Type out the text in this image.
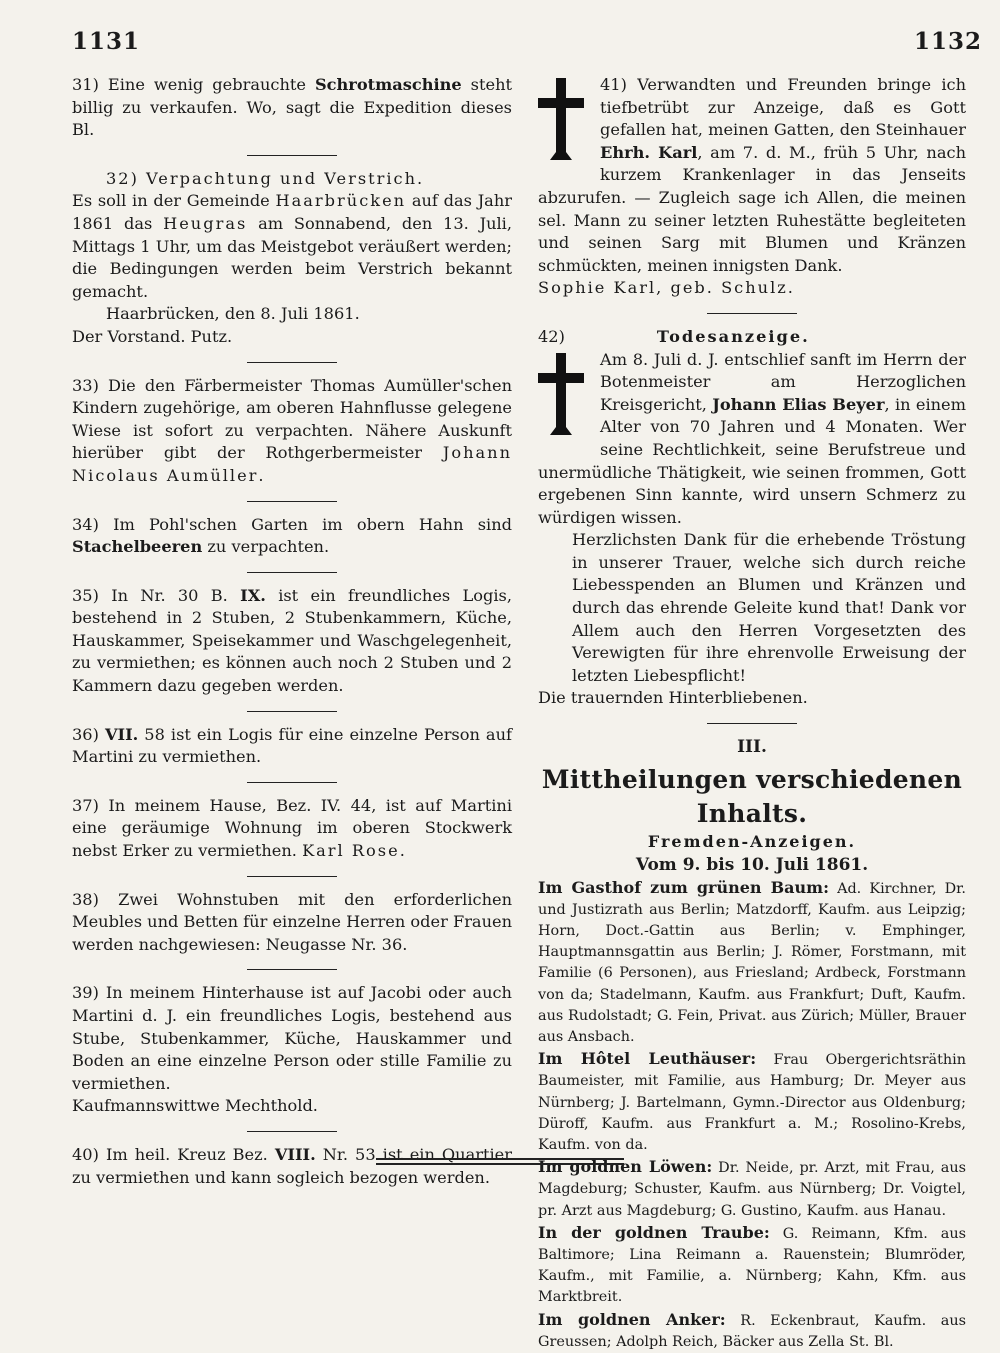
1131	1132

31) Eine wenig gebrauchte Schrotmaschine steht billig zu verkaufen. Wo, sagt die Expedition dieses Bl.

32) Verpachtung und Verstrich.

Es soll in der Gemeinde Haarbrücken auf das Jahr 1861 das Heugras am Sonnabend, den 13. Juli, Mittags 1 Uhr, um das Meistgebot veräußert werden; die Bedingungen werden beim Verstrich bekannt gemacht.

Haarbrücken, den 8. Juli 1861.

Der Vorstand. Putz.

33) Die den Färbermeister Thomas Aumüller'schen Kindern zugehörige, am oberen Hahnflusse gelegene Wiese ist sofort zu verpachten. Nähere Auskunft hierüber gibt der Rothgerbermeister Johann Nicolaus Aumüller.

34) Im Pohl'schen Garten im obern Hahn sind Stachelbeeren zu verpachten.

35) In Nr. 30 B. IX. ist ein freundliches Logis, bestehend in 2 Stuben, 2 Stubenkammern, Küche, Hauskammer, Speisekammer und Waschgelegenheit, zu vermiethen; es können auch noch 2 Stuben und 2 Kammern dazu gegeben werden.

36) VII. 58 ist ein Logis für eine einzelne Person auf Martini zu vermiethen.

37) In meinem Hause, Bez. IV. 44, ist auf Martini eine geräumige Wohnung im oberen Stockwerk nebst Erker zu vermiethen. Karl Rose.

38) Zwei Wohnstuben mit den erforderlichen Meubles und Betten für einzelne Herren oder Frauen werden nachgewiesen: Neugasse Nr. 36.

39) In meinem Hinterhause ist auf Jacobi oder auch Martini d. J. ein freundliches Logis, bestehend aus Stube, Stubenkammer, Küche, Hauskammer und Boden an eine einzelne Person oder stille Familie zu vermiethen.

Kaufmannswittwe Mechthold.

40) Im heil. Kreuz Bez. VIII. Nr. 53 ist ein Quartier zu vermiethen und kann sogleich bezogen werden.

41) Verwandten und Freunden bringe ich tiefbetrübt zur Anzeige, daß es Gott gefallen hat, meinen Gatten, den Steinhauer Ehrh. Karl, am 7. d. M., früh 5 Uhr, nach kurzem Krankenlager in das Jenseits abzurufen. — Zugleich sage ich Allen, die meinen sel. Mann zu seiner letzten Ruhestätte begleiteten und seinen Sarg mit Blumen und Kränzen schmückten, meinen innigsten Dank.

Sophie Karl, geb. Schulz.

42)	Todesanzeige.

Am 8. Juli d. J. entschlief sanft im Herrn der Botenmeister am Herzoglichen Kreisgericht, Johann Elias Beyer, in einem Alter von 70 Jahren und 4 Monaten. Wer seine Rechtlichkeit, seine Berufstreue und unermüdliche Thätigkeit, wie seinen frommen, Gott ergebenen Sinn kannte, wird unsern Schmerz zu würdigen wissen.

Herzlichsten Dank für die erhebende Tröstung in unserer Trauer, welche sich durch reiche Liebesspenden an Blumen und Kränzen und durch das ehrende Geleite kund that! Dank vor Allem auch den Herren Vorgesetzten des Verewigten für ihre ehrenvolle Erweisung der letzten Liebespflicht!

Die trauernden Hinterbliebenen.

III.
Mittheilungen verschiedenen Inhalts.
Fremden-Anzeigen.
Vom 9. bis 10. Juli 1861.

Im Gasthof zum grünen Baum: Ad. Kirchner, Dr. und Justizrath aus Berlin; Matzdorff, Kaufm. aus Leipzig; Horn, Doct.-Gattin aus Berlin; v. Emphinger, Hauptmannsgattin aus Berlin; J. Römer, Forstmann, mit Familie (6 Personen), aus Friesland; Ardbeck, Forstmann von da; Stadelmann, Kaufm. aus Frankfurt; Duft, Kaufm. aus Rudolstadt; G. Fein, Privat. aus Zürich; Müller, Brauer aus Ansbach.

Im Hôtel Leuthäuser: Frau Obergerichtsräthin Baumeister, mit Familie, aus Hamburg; Dr. Meyer aus Nürnberg; J. Bartelmann, Gymn.-Director aus Oldenburg; Düroff, Kaufm. aus Frankfurt a. M.; Rosolino-Krebs, Kaufm. von da.

Im goldnen Löwen: Dr. Neide, pr. Arzt, mit Frau, aus Magdeburg; Schuster, Kaufm. aus Nürnberg; Dr. Voigtel, pr. Arzt aus Magdeburg; G. Gustino, Kaufm. aus Hanau.

In der goldnen Traube: G. Reimann, Kfm. aus Baltimore; Lina Reimann a. Rauenstein; Blumröder, Kaufm., mit Familie, a. Nürnberg; Kahn, Kfm. aus Marktbreit.

Im goldnen Anker: R. Eckenbraut, Kaufm. aus Greussen; Adolph Reich, Bäcker aus Zella St. Bl.
